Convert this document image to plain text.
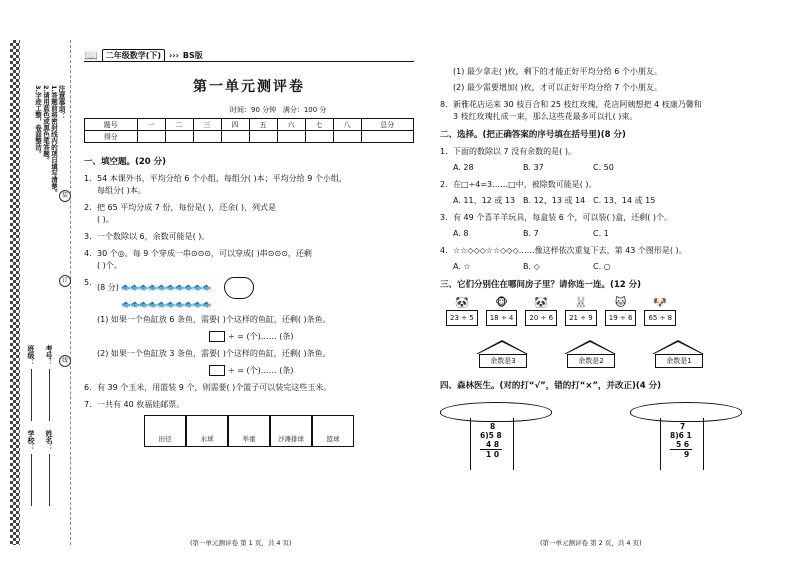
注意事项：
1.答题前将密封线内的项目填写清楚。
2.请用蓝色或黑色笔答题。
3.字迹工整，卷面整洁。
装
订
线
学校：
班级：
姓名：
考号：
📖	二年级数学(下)	››› BS版
第一单元测评卷
时间：90 分钟 满分：100 分
题号	一	二	三	四	五	六	七	八	总分
得分									
一、填空题。(20 分)
1. 54 本课外书，平均分给 6 个小组，每组分( )本；平均分给 9 个小组，
每组分( )本。
2. 把 65 平均分成 7 份，每份是( )，还余( )，列式是
( )。
3. 一个数除以 6，余数可能是( )。
4. 30 个◎，每 9 个穿成一串⊙⊙⊙，可以穿成( )串⊙⊙⊙，还剩
( )个。
5.
(8 分) 🐟🐟🐟🐟🐟🐟🐟🐟🐟🐟
🐟🐟🐟🐟🐟🐟🐟🐟🐟🐟
(1) 如果一个鱼缸放 6 条鱼，需要( )个这样的鱼缸，还剩( )条鱼。
÷ = (个)…… (条)
(2) 如果一个鱼缸放 3 条鱼，需要( )个这样的鱼缸，还剩( )条鱼。
÷ = (个)…… (条)
6. 有 39 个玉米，用篮装 9 个，则需要( )个篮子可以装完这些玉米。
7. 一共有 40 枚福娃邮票。
田径	水球	举重	沙滩排球	篮球
(第一单元测评卷 第 1 页，共 4 页)
(1) 最少拿走( )枚，剩下的才能正好平均分给 6 个小朋友。
(2) 最少需要增加( )枚，才可以正好平均分给 7 个小朋友。
8. 新雅花店运来 30 枝百合和 25 枝红玫瑰，花店阿姨想把 4 枝康乃馨和
3 枝红玫瑰扎成一束，那么这些花最多可以扎( )束。
二、选择。(把正确答案的序号填在括号里)(8 分)
1. 下面的数除以 7 没有余数的是( )。
A. 28	B. 37	C. 50
2. 在□÷4=3……□中，被除数可能是( )。
A. 11、12 或 13 B. 12、13 或 14 C. 13、14 或 15
3. 有 49 个喜羊羊玩具，每盒装 6 个，可以装( )盒，还剩( )个。
A. 8	B. 7	C. 1
4. ☆☆◇◇◇☆☆◇◇◇……像这样依次重复下去，第 43 个图形是( )。
A. ☆	B. ◇	C. ○
三、它们分别住在哪间房子里？请你连一连。(12 分)
🐼
23 ÷ 5
🐵
18 ÷ 4
🐼
20 ÷ 6
🐰
21 ÷ 9
🐱
19 ÷ 6
🐶
65 ÷ 8
余数是3	余数是2	余数是1
四、森林医生。(对的打“√”，错的打“×”，并改正)(4 分)
8
6)5 8
4 8
1 0
7
8)6 1
5 6
9
(第一单元测评卷 第 2 页，共 4 页)
